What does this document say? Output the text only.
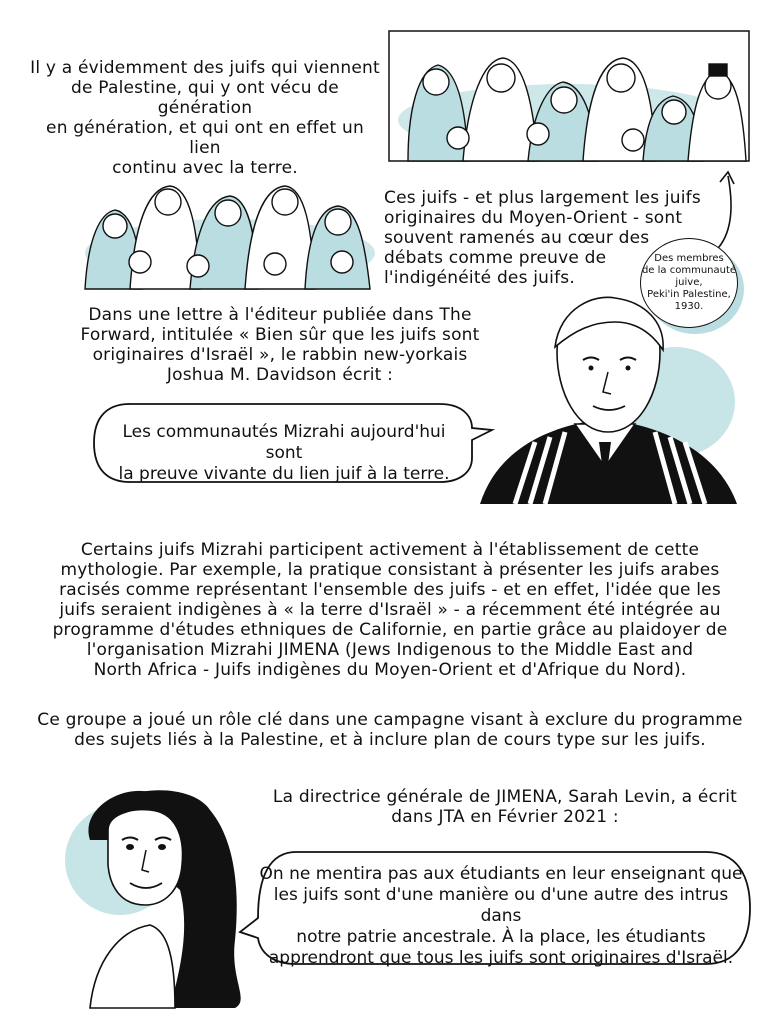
Il y a évidemment des juifs qui viennent

de Palestine, qui y ont vécu de génération

en génération, et qui ont en effet un lien

continu avec la terre.

Ces juifs - et plus largement les juifs

originaires du Moyen-Orient - sont

souvent ramenés au cœur des

débats comme preuve de

l'indigénéité des juifs.

Des membres
de la communauté
juive,
Peki'in Palestine,
1930.

Dans une lettre à l'éditeur publiée dans The

Forward, intitulée « Bien sûr que les juifs sont

originaires d'Israël », le rabbin new-yorkais

Joshua M. Davidson écrit :

Les communautés Mizrahi aujourd'hui sont
la preuve vivante du lien juif à la terre.

Certains juifs Mizrahi participent activement à l'établissement de cette

mythologie. Par exemple, la pratique consistant à présenter les juifs arabes

racisés comme représentant l'ensemble des juifs - et en effet, l'idée que les

juifs seraient indigènes à « la terre d'Israël » - a récemment été intégrée au

programme d'études ethniques de Californie, en partie grâce au plaidoyer de

l'organisation Mizrahi JIMENA (Jews Indigenous to the Middle East and

North Africa - Juifs indigènes du Moyen-Orient et d'Afrique du Nord).

Ce groupe a joué un rôle clé dans une campagne visant à exclure du programme

des sujets liés à la Palestine, et à inclure plan de cours type sur les juifs.

La directrice générale de JIMENA, Sarah Levin, a écrit

dans JTA en Février 2021 :

On ne mentira pas aux étudiants en leur enseignant que
les juifs sont d'une manière ou d'une autre des intrus dans
notre patrie ancestrale. À la place, les étudiants
apprendront que tous les juifs sont originaires d'Israël.
